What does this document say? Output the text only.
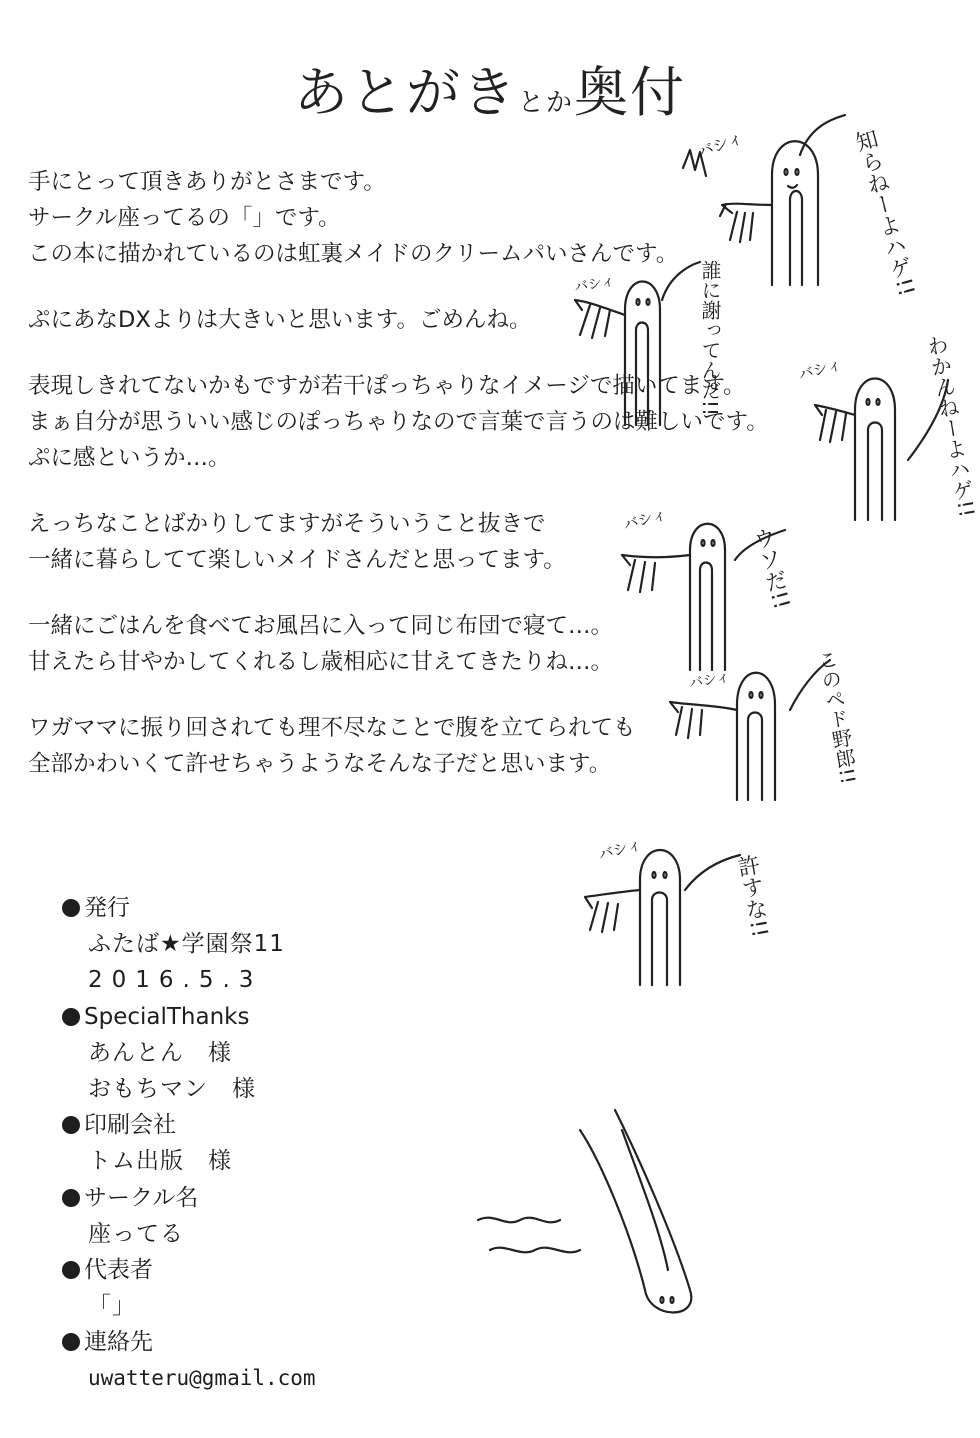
あとがきとか奥付
手にとって頂きありがとさまです。
サークル座ってるの「」です。
この本に描かれているのは虹裏メイドのクリームパいさんです。
ぷにあなDXよりは大きいと思います。ごめんね。
表現しきれてないかもですが若干ぽっちゃりなイメージで描いてます。
まぁ自分が思ういい感じのぽっちゃりなので言葉で言うのは難しいです。
ぷに感というか…。
えっちなことばかりしてますがそういうこと抜きで
一緒に暮らしてて楽しいメイドさんだと思ってます。
一緒にごはんを食べてお風呂に入って同じ布団で寝て…。
甘えたら甘やかしてくれるし歳相応に甘えてきたりね…。
ワガママに振り回されても理不尽なことで腹を立てられても
全部かわいくて許せちゃうようなそんな子だと思います。
発行
ふたば★学園祭11
2016.5.3
SpecialThanks
あんとん　様
おもちマン　様
印刷会社
トム出版　様
サークル名
座ってる
代表者
「」
連絡先
uwatteru@gmail.com
バシィ	知らねーよハゲ!!
バシィ	誰に謝ってんだ!!	バシィ	わかんねーよハゲ!!
バシィ
ウソだ!!
バシィ	このペド野郎!!
バシィ
許すな!!
